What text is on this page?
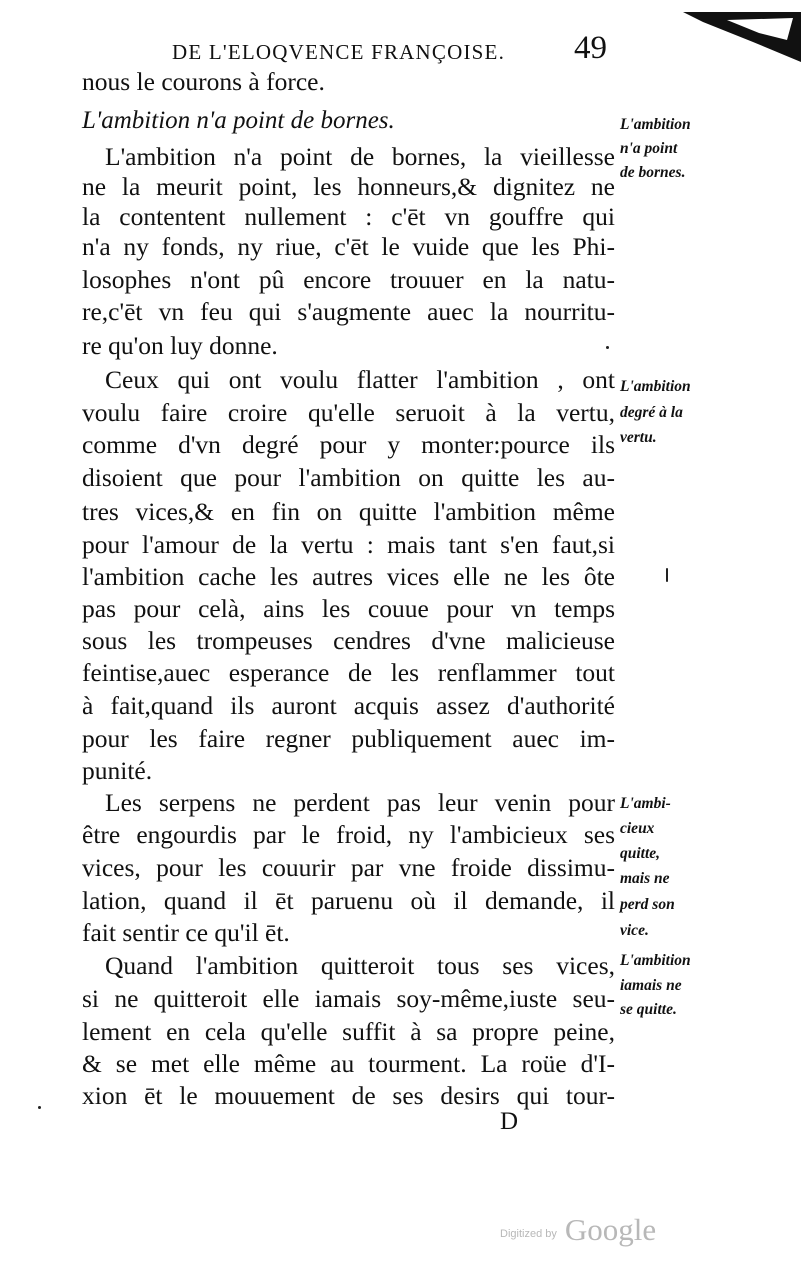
DE L'ELOQVENCE FRANÇOISE. 49
nous le courons à force.
L'ambition n'a point de bornes.
L'ambition n'a point de bornes, la vieillesse
ne la meurit point, les honneurs,& dignitez ne
la contentent nullement : c'ēt vn gouffre qui
n'a ny fonds, ny riue, c'ēt le vuide que les Phi-
losophes n'ont pû encore trouuer en la natu-
re,c'ēt vn feu qui s'augmente auec la nourritu-
re qu'on luy donne.
Ceux qui ont voulu flatter l'ambition , ont
voulu faire croire qu'elle seruoit à la vertu,
comme d'vn degré pour y monter:pource ils
disoient que pour l'ambition on quitte les au-
tres vices,& en fin on quitte l'ambition même
pour l'amour de la vertu : mais tant s'en faut,si
l'ambition cache les autres vices elle ne les ôte
pas pour celà, ains les couue pour vn temps
sous les trompeuses cendres d'vne malicieuse
feintise,auec esperance de les renflammer tout
à fait,quand ils auront acquis assez d'authorité
pour les faire regner publiquement auec im-
punité.
Les serpens ne perdent pas leur venin pour
être engourdis par le froid, ny l'ambicieux ses
vices, pour les couurir par vne froide dissimu-
lation, quand il ēt paruenu où il demande, il
fait sentir ce qu'il ēt.
Quand l'ambition quitteroit tous ses vices,
si ne quitteroit elle iamais soy-même,iuste seu-
lement en cela qu'elle suffit à sa propre peine,
& se met elle même au tourment. La roüe d'I-
xion ēt le mouuement de ses desirs qui tour-
L'ambition
n'a point
de bornes.
L'ambition
degré à la
vertu.
L'ambi-
cieux
quitte,
mais ne
perd son
vice.
L'ambition
iamais ne
se quitte.
D
Digitized by Google
